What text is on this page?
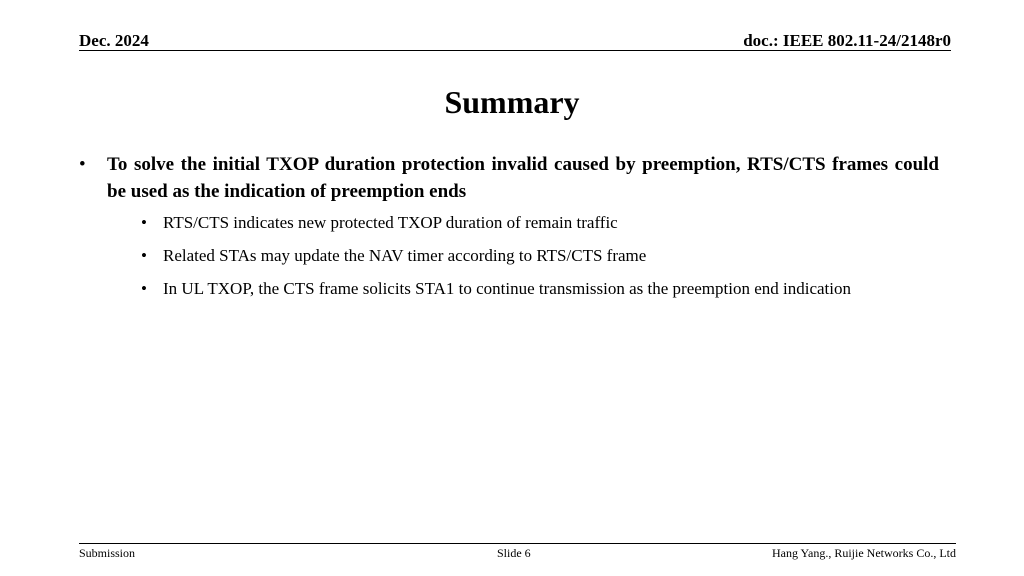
Dec. 2024	doc.: IEEE 802.11-24/2148r0
Summary
• To solve the initial TXOP duration protection invalid caused by preemption, RTS/CTS frames could be used as the indication of preemption ends
• RTS/CTS indicates new protected TXOP duration of remain traffic
• Related STAs may update the NAV timer according to RTS/CTS frame
• In UL TXOP, the CTS frame solicits STA1 to continue transmission as the preemption end indication
Submission	Slide 6	Hang Yang., Ruijie Networks Co., Ltd
